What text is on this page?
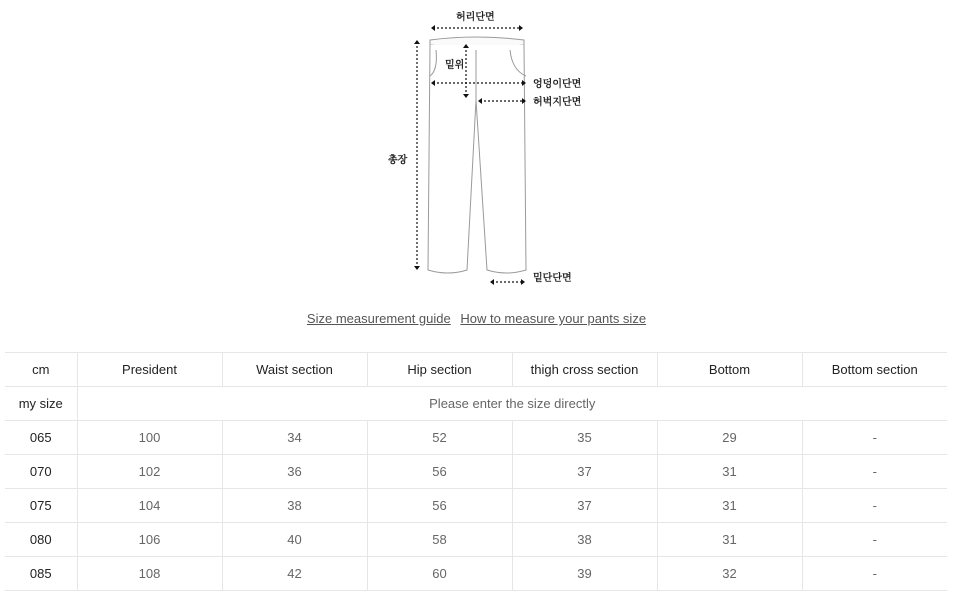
허리단면
밑위
엉덩이단면
허벅지단면
총장
밑단단면
Size measurement guide How to measure your pants size
cm	President	Waist section	Hip section	thigh cross section	Bottom	Bottom section
my size	Please enter the size directly					
065	100	34	52	35	29	-
070	102	36	56	37	31	-
075	104	38	56	37	31	-
080	106	40	58	38	31	-
085	108	42	60	39	32	-
